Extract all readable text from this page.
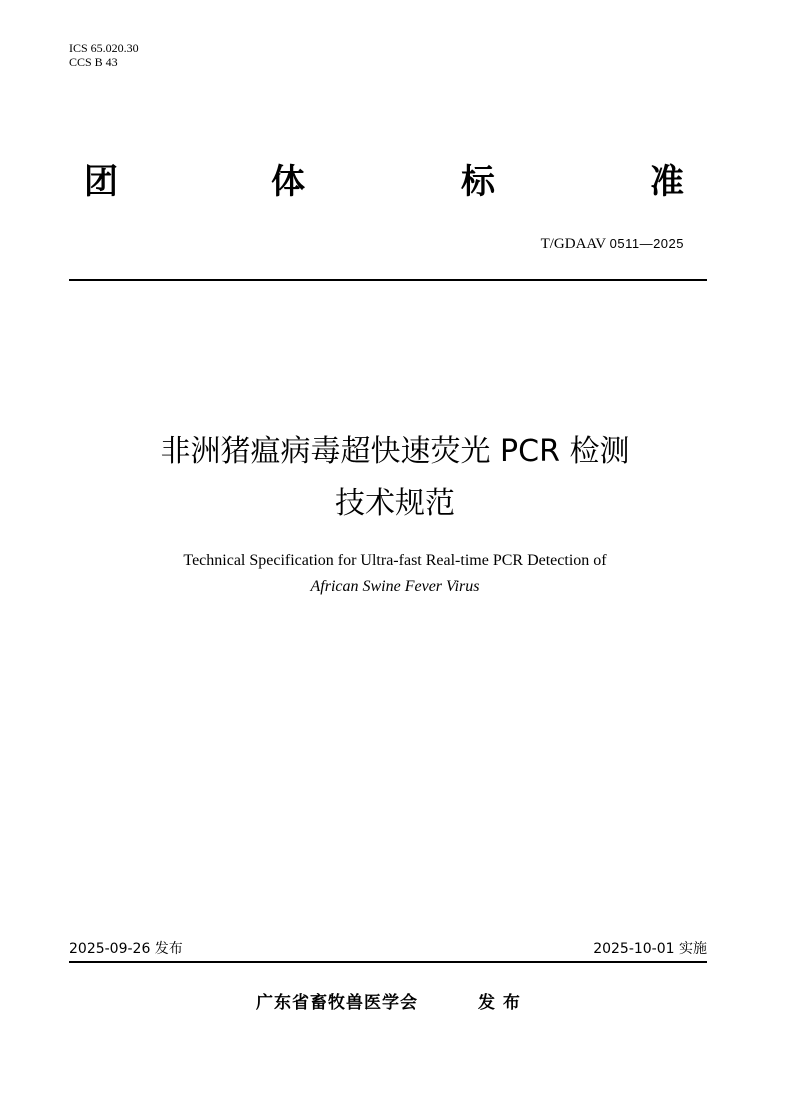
ICS 65.020.30
CCS B 43
团	体	标	准
T/GDAAV 0511—2025
非洲猪瘟病毒超快速荧光 PCR 检测
技术规范
Technical Specification for Ultra-fast Real-time PCR Detection of
African Swine Fever Virus
2025-09-26 发布	2025-10-01 实施
广东省畜牧兽医学会	发 布
